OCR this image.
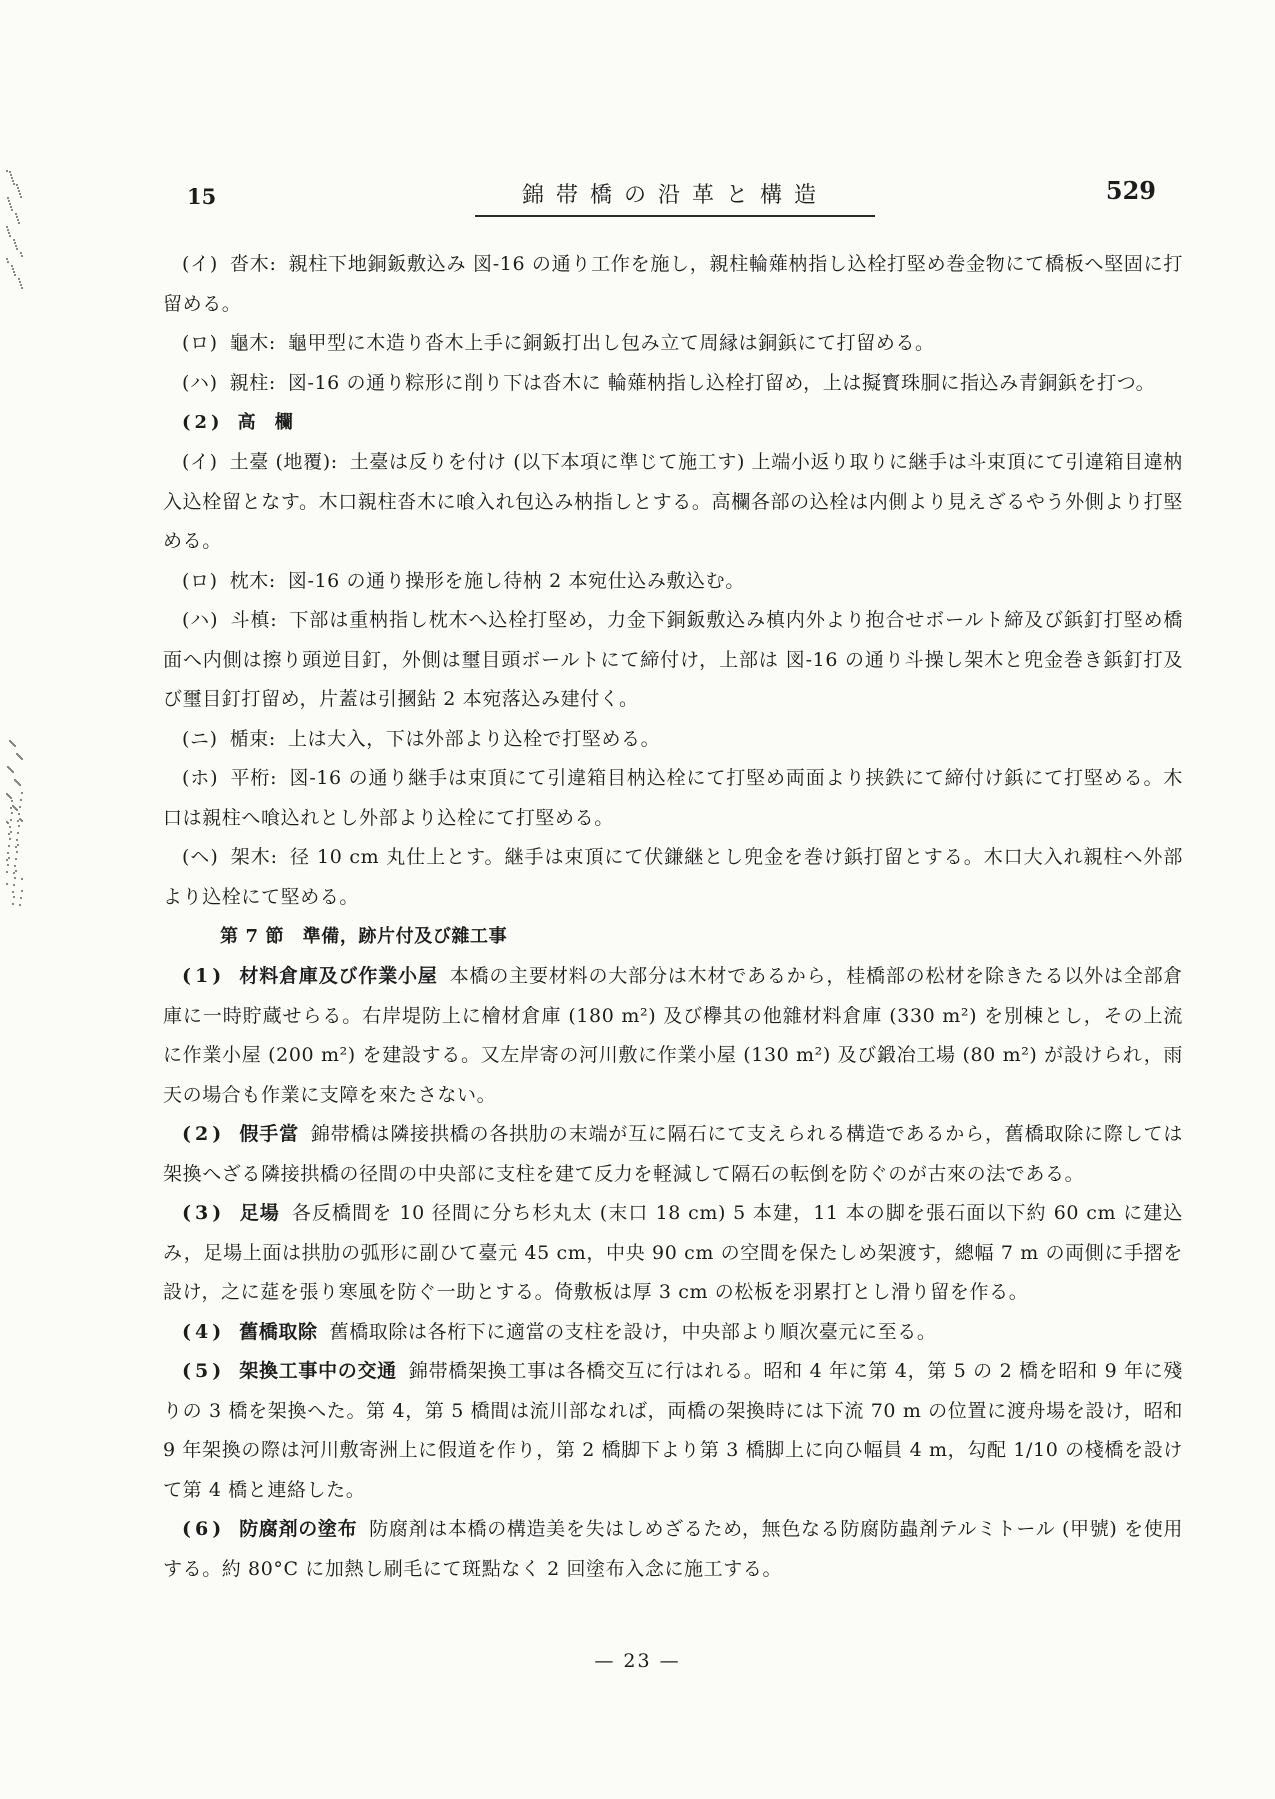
15	錦帯橋の沿革と構造	529

(イ) 沓木: 親柱下地銅鈑敷込み 図-16 の通り工作を施し，親柱輪薙枘指し込栓打堅め巻金物にて橋板へ堅固に打留める。

(ロ) 龜木: 龜甲型に木造り沓木上手に銅鈑打出し包み立て周縁は銅鋲にて打留める。

(ハ) 親柱: 図-16 の通り粽形に削り下は沓木に 輪薙枘指し込栓打留め，上は擬寳珠胴に指込み青銅鋲を打つ。

(2) 高　欄

(イ) 土臺 (地覆): 土臺は反りを付け (以下本項に準じて施工す) 上端小返り取りに継手は斗束頂にて引違箱目違枘入込栓留となす。木口親柱沓木に喰入れ包込み枘指しとする。高欄各部の込栓は内側より見えざるやう外側より打堅める。

(ロ) 枕木: 図-16 の通り操形を施し待枘 2 本宛仕込み敷込む。

(ハ) 斗槙: 下部は重枘指し枕木へ込栓打堅め，力金下銅鈑敷込み槙内外より抱合せボールト締及び鋲釘打堅め橋面へ内側は擦り頭逆目釘，外側は璽目頭ボールトにて締付け，上部は 図-16 の通り斗操し架木と兜金巻き鋲釘打及び璽目釘打留め，片蓋は引摑鉆 2 本宛落込み建付く。

(ニ) 楯束: 上は大入，下は外部より込栓で打堅める。

(ホ) 平桁: 図-16 の通り継手は束頂にて引違箱目枘込栓にて打堅め両面より挟鉄にて締付け鋲にて打堅める。木口は親柱へ喰込れとし外部より込栓にて打堅める。

(ヘ) 架木: 径 10 cm 丸仕上とす。継手は束頂にて伏鎌継とし兜金を巻け鋲打留とする。木口大入れ親柱へ外部より込栓にて堅める。

第 7 節　準備，跡片付及び雜工事

(1) 材料倉庫及び作業小屋 本橋の主要材料の大部分は木材であるから，桂橋部の松材を除きたる以外は全部倉庫に一時貯蔵せらる。右岸堤防上に檜材倉庫 (180 m²) 及び欅其の他雜材料倉庫 (330 m²) を別棟とし，その上流に作業小屋 (200 m²) を建設する。又左岸寄の河川敷に作業小屋 (130 m²) 及び鍛冶工場 (80 m²) が設けられ，雨天の場合も作業に支障を來たさない。

(2) 假手當 錦帯橋は隣接拱橋の各拱肋の末端が互に隔石にて支えられる構造であるから，舊橋取除に際しては架換へざる隣接拱橋の径間の中央部に支柱を建て反力を軽減して隔石の転倒を防ぐのが古來の法である。

(3) 足場 各反橋間を 10 径間に分ち杉丸太 (末口 18 cm) 5 本建，11 本の脚を張石面以下約 60 cm に建込み，足場上面は拱肋の弧形に副ひて臺元 45 cm，中央 90 cm の空間を保たしめ架渡す，總幅 7 m の両側に手摺を設け，之に莚を張り寒風を防ぐ一助とする。倚敷板は厚 3 cm の松板を羽累打とし滑り留を作る。

(4) 舊橋取除 舊橋取除は各桁下に適當の支柱を設け，中央部より順次臺元に至る。

(5) 架換工事中の交通 錦帯橋架換工事は各橋交互に行はれる。昭和 4 年に第 4，第 5 の 2 橋を昭和 9 年に殘りの 3 橋を架換へた。第 4，第 5 橋間は流川部なれば，両橋の架換時には下流 70 m の位置に渡舟場を設け，昭和 9 年架換の際は河川敷寄洲上に假道を作り，第 2 橋脚下より第 3 橋脚上に向ひ幅員 4 m，勾配 1/10 の棧橋を設けて第 4 橋と連絡した。

(6) 防腐剤の塗布 防腐剤は本橋の構造美を失はしめざるため，無色なる防腐防蟲剤テルミトール (甲號) を使用する。約 80°C に加熱し刷毛にて斑點なく 2 回塗布入念に施工する。

— 23 —
